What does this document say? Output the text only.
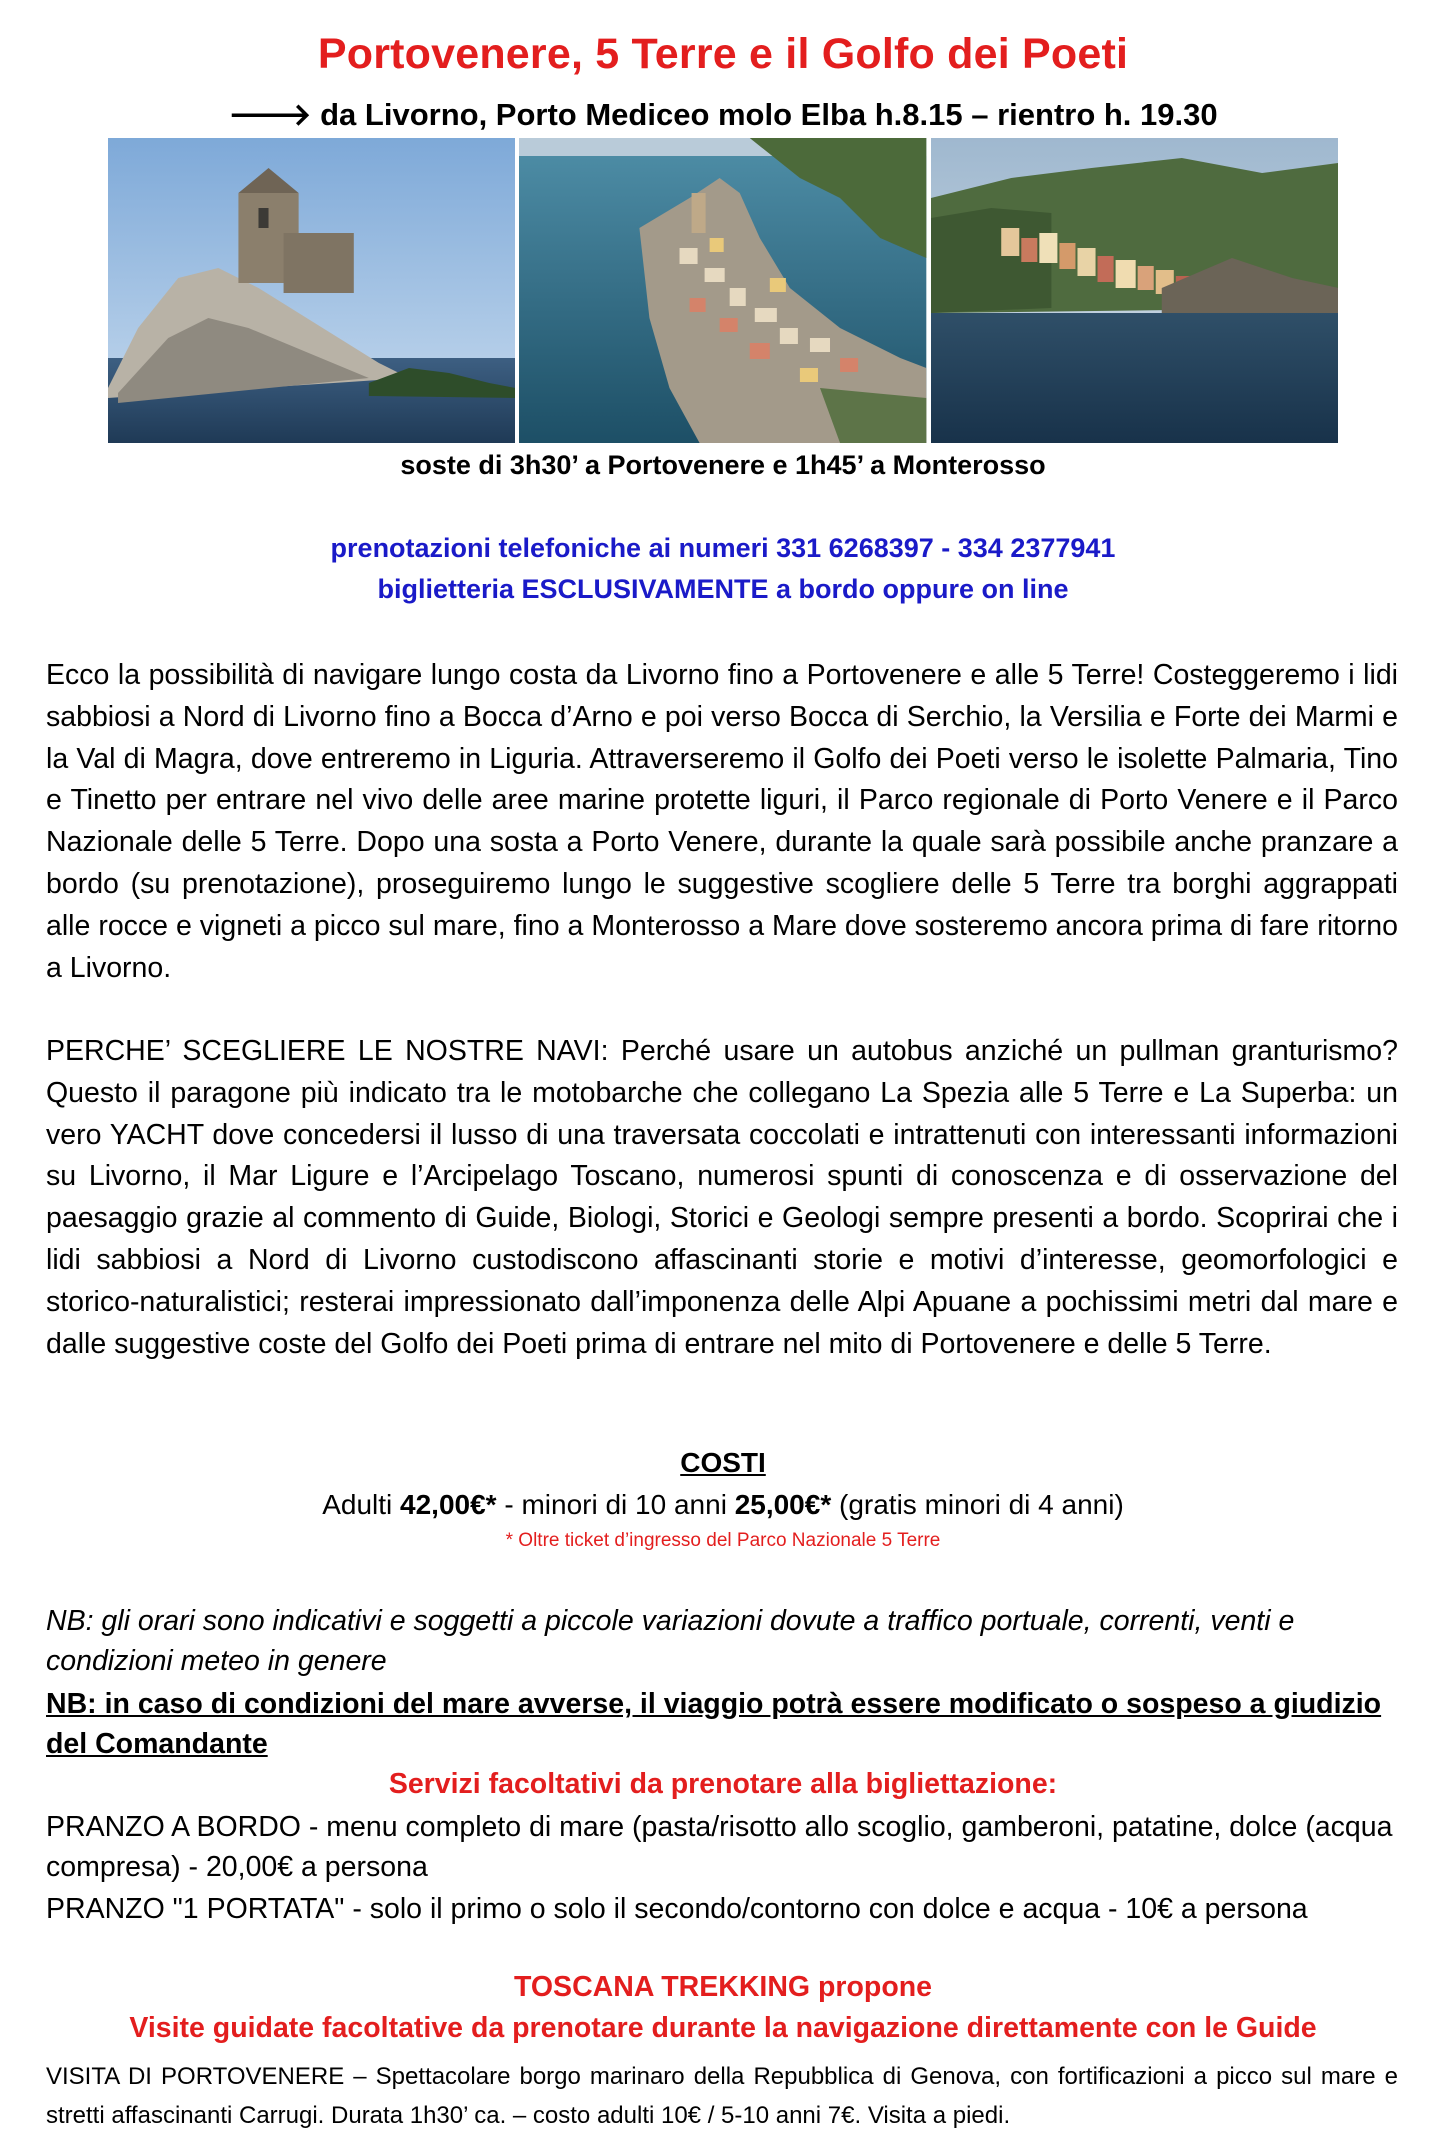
Portovenere, 5 Terre e il Golfo dei Poeti
🡒 da Livorno, Porto Mediceo molo Elba h.8.15 – rientro h. 19.30
soste di 3h30’ a Portovenere e 1h45’ a Monterosso
prenotazioni telefoniche ai numeri 331 6268397 - 334 2377941
biglietteria ESCLUSIVAMENTE a bordo oppure on line

Ecco la possibilità di navigare lungo costa da Livorno fino a Portovenere e alle 5 Terre! Costeggeremo i lidi sabbiosi a Nord di Livorno fino a Bocca d’Arno e poi verso Bocca di Serchio, la Versilia e Forte dei Marmi e la Val di Magra, dove entreremo in Liguria. Attraverseremo il Golfo dei Poeti verso le isolette Palmaria, Tino e Tinetto per entrare nel vivo delle aree marine protette liguri, il Parco regionale di Porto Venere e il Parco Nazionale delle 5 Terre. Dopo una sosta a Porto Venere, durante la quale sarà possibile anche pranzare a bordo (su prenotazione), proseguiremo lungo le suggestive scogliere delle 5 Terre tra borghi aggrappati alle rocce e vigneti a picco sul mare, fino a Monterosso a Mare dove sosteremo ancora prima di fare ritorno a Livorno.

PERCHE’ SCEGLIERE LE NOSTRE NAVI: Perché usare un autobus anziché un pullman granturismo? Questo il paragone più indicato tra le motobarche che collegano La Spezia alle 5 Terre e La Superba: un vero YACHT dove concedersi il lusso di una traversata coccolati e intrattenuti con interessanti informazioni su Livorno, il Mar Ligure e l’Arcipelago Toscano, numerosi spunti di conoscenza e di osservazione del paesaggio grazie al commento di Guide, Biologi, Storici e Geologi sempre presenti a bordo. Scoprirai che i lidi sabbiosi a Nord di Livorno custodiscono affascinanti storie e motivi d’interesse, geomorfologici e storico-naturalistici; resterai impressionato dall’imponenza delle Alpi Apuane a pochissimi metri dal mare e dalle suggestive coste del Golfo dei Poeti prima di entrare nel mito di Portovenere e delle 5 Terre.

COSTI
Adulti 42,00€* - minori di 10 anni 25,00€* (gratis minori di 4 anni)
* Oltre ticket d’ingresso del Parco Nazionale 5 Terre

NB: gli orari sono indicativi e soggetti a piccole variazioni dovute a traffico portuale, correnti, venti e condizioni meteo in genere

NB: in caso di condizioni del mare avverse, il viaggio potrà essere modificato o sospeso a giudizio del Comandante

Servizi facoltativi da prenotare alla bigliettazione:

PRANZO A BORDO - menu completo di mare (pasta/risotto allo scoglio, gamberoni, patatine, dolce (acqua compresa) - 20,00€ a persona

PRANZO "1 PORTATA" - solo il primo o solo il secondo/contorno con dolce e acqua - 10€ a persona

TOSCANA TREKKING propone
Visite guidate facoltative da prenotare durante la navigazione direttamente con le Guide

VISITA DI PORTOVENERE – Spettacolare borgo marinaro della Repubblica di Genova, con fortificazioni a picco sul mare e stretti affascinanti Carrugi. Durata 1h30’ ca. – costo adulti 10€ / 5-10 anni 7€. Visita a piedi.
